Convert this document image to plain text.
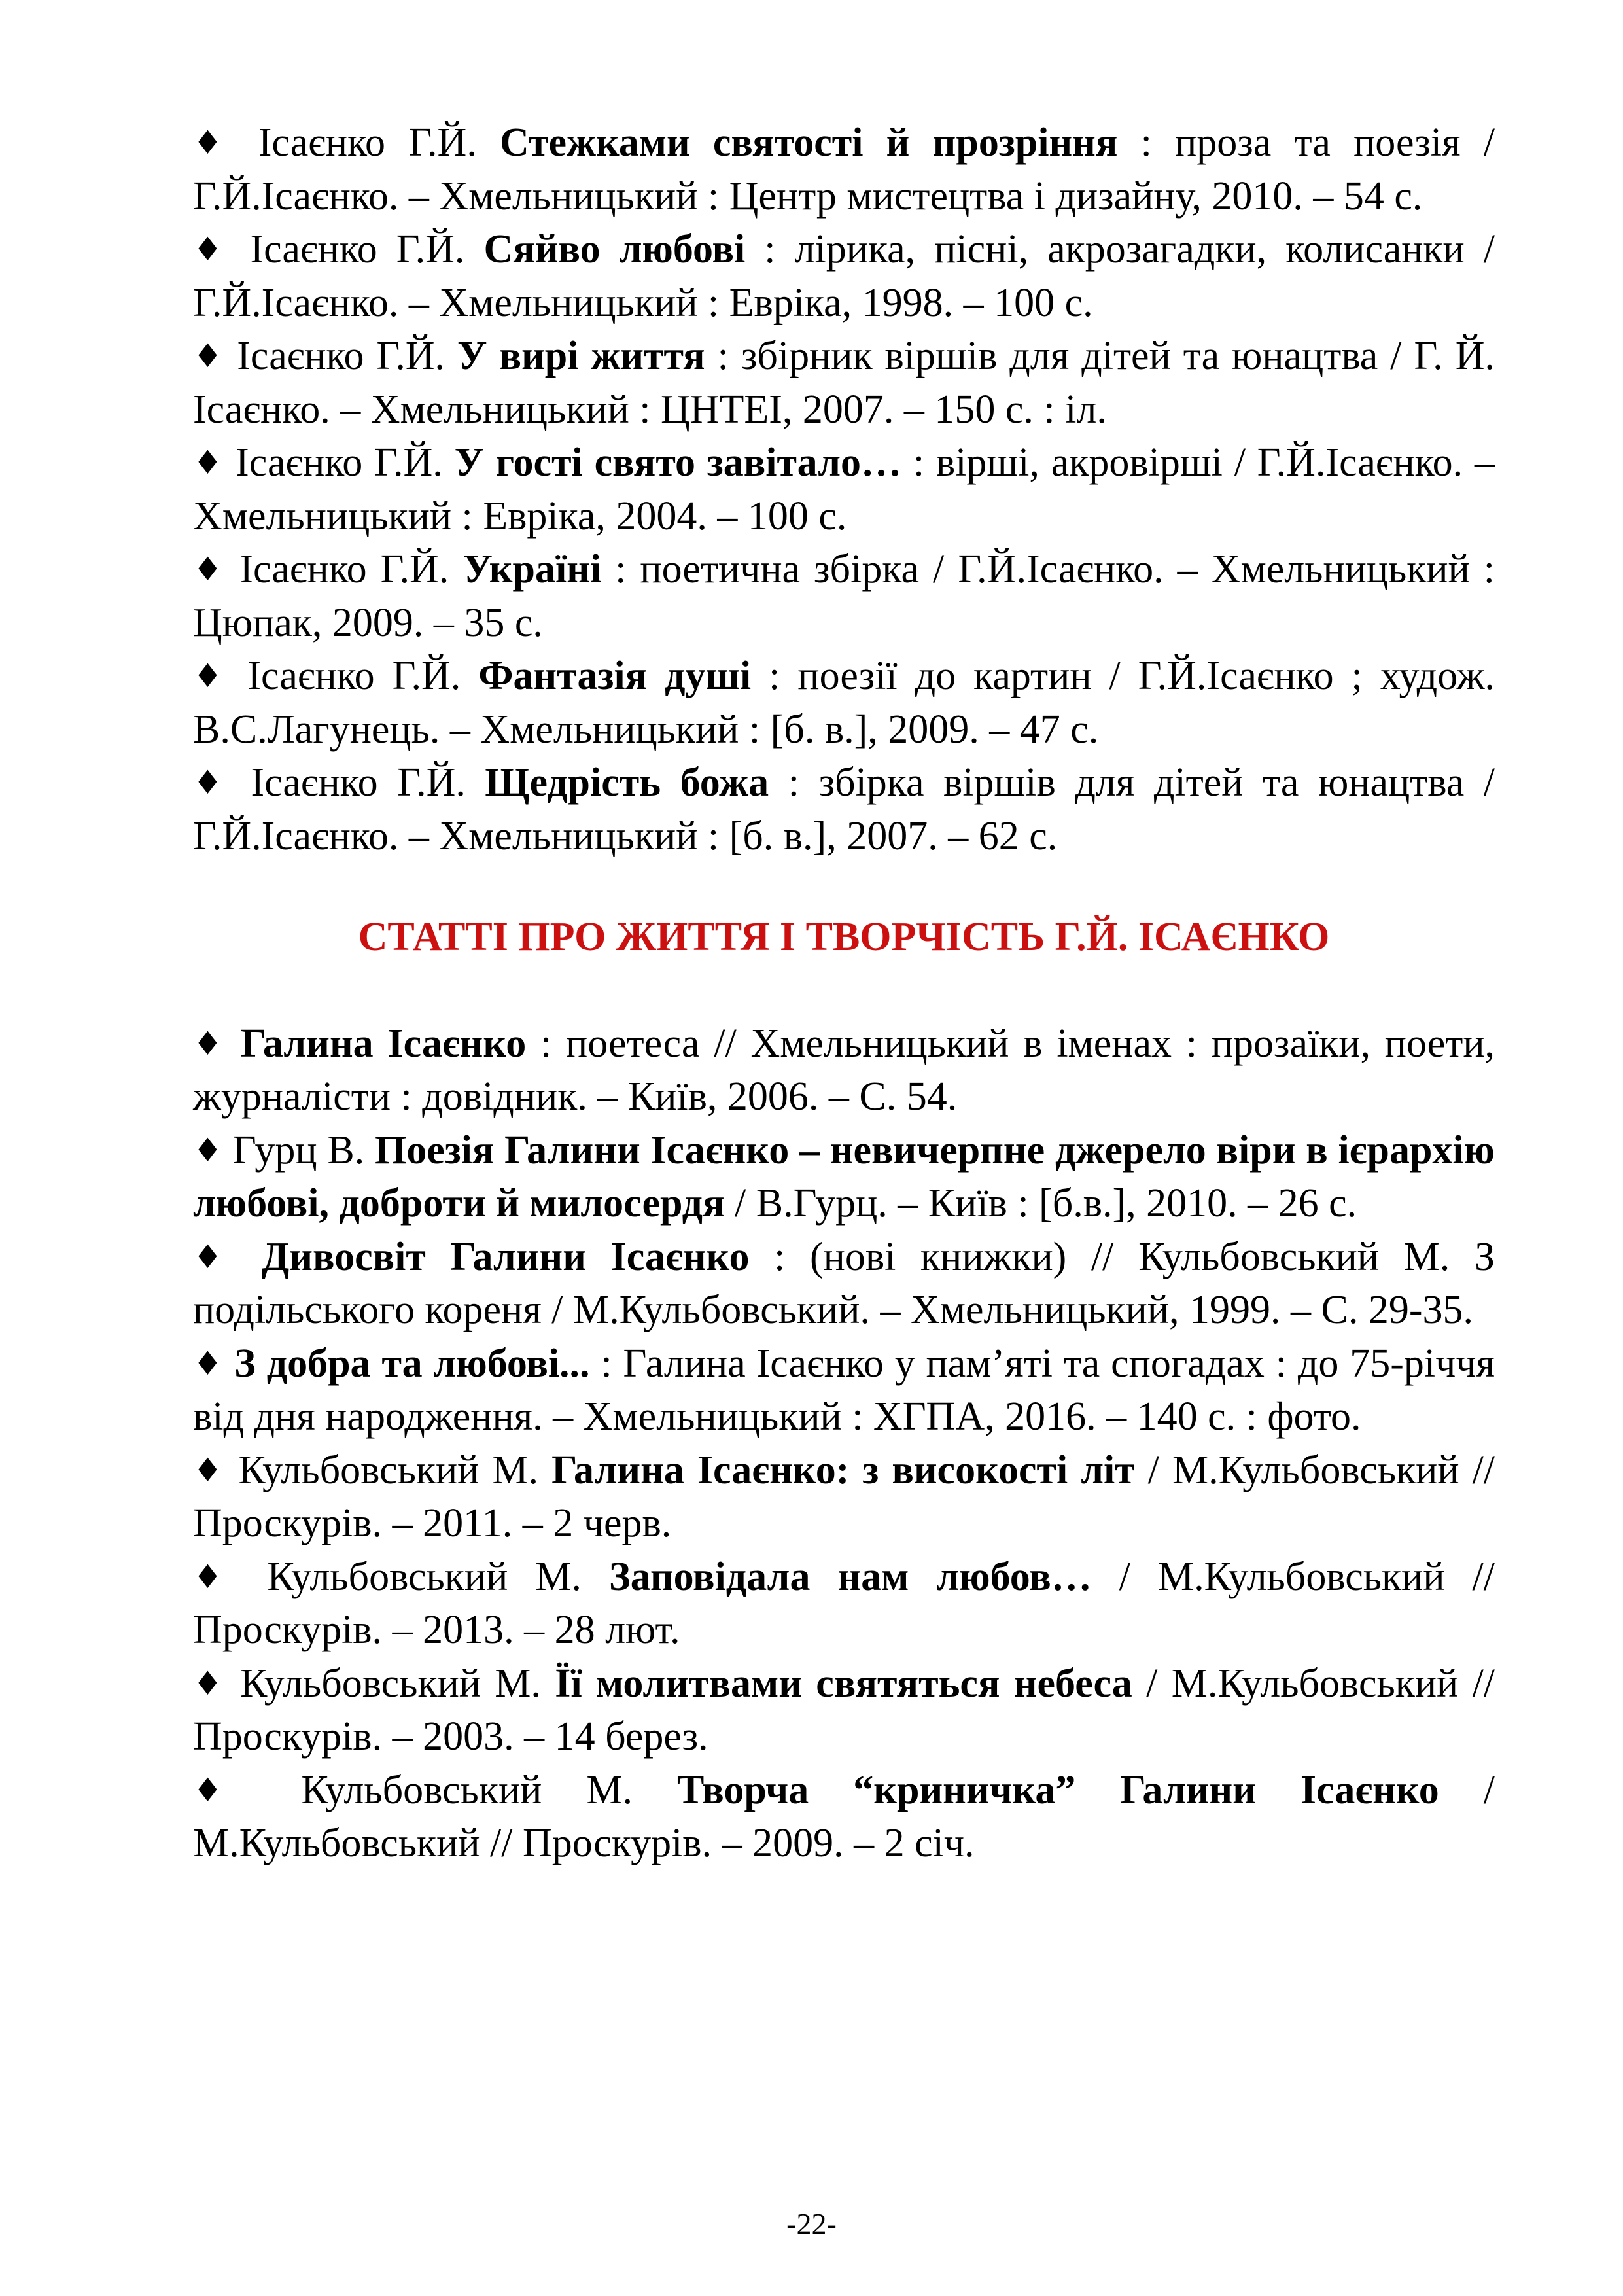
♦ Ісаєнко Г.Й. Стежками святості й прозріння : проза та поезія / Г.Й.Ісаєнко. – Хмельницький : Центр мистецтва і дизайну, 2010. – 54 с.

♦ Ісаєнко Г.Й. Сяйво любові : лірика, пісні, акрозагадки, колисанки / Г.Й.Ісаєнко. – Хмельницький : Евріка, 1998. – 100 с.

♦ Ісаєнко Г.Й. У вирі життя : збірник віршів для дітей та юнацтва / Г. Й. Ісаєнко. – Хмельницький : ЦНТЕІ, 2007. – 150 с. : іл.

♦ Ісаєнко Г.Й. У гості свято завітало… : вірші, акровірші / Г.Й.Ісаєнко. – Хмельницький : Евріка, 2004. – 100 с.

♦ Ісаєнко Г.Й. Україні : поетична збірка / Г.Й.Ісаєнко. – Хмельницький : Цюпак, 2009. – 35 с.

♦ Ісаєнко Г.Й. Фантазія душі : поезії до картин / Г.Й.Ісаєнко ; худож. В.С.Лагунець. – Хмельницький : [б. в.], 2009. – 47 с.

♦ Ісаєнко Г.Й. Щедрість божа : збірка віршів для дітей та юнацтва / Г.Й.Ісаєнко. – Хмельницький : [б. в.], 2007. – 62 с.

СТАТТІ ПРО ЖИТТЯ І ТВОРЧІСТЬ Г.Й. ІСАЄНКО

♦ Галина Ісаєнко : поетеса // Хмельницький в іменах : прозаїки, поети, журналісти : довідник. – Київ, 2006. – С. 54.

♦ Гурц В. Поезія Галини Ісаєнко – невичерпне джерело віри в ієрархію любові, доброти й милосердя / В.Гурц. – Київ : [б.в.], 2010. – 26 с.

♦ Дивосвіт Галини Ісаєнко : (нові книжки) // Кульбовський М. З подільського кореня / М.Кульбовський. – Хмельницький, 1999. – С. 29-35.

♦ З добра та любові... : Галина Ісаєнко у пам’яті та спогадах : до 75-річчя від дня народження. – Хмельницький : ХГПА, 2016. – 140 с. : фото.

♦ Кульбовський М. Галина Ісаєнко: з високості літ / М.Кульбовський // Проскурів. – 2011. – 2 черв.

♦ Кульбовський М. Заповідала нам любов… / М.Кульбовський // Проскурів. – 2013. – 28 лют.

♦ Кульбовський М. Її молитвами святяться небеса / М.Кульбовський // Проскурів. – 2003. – 14 берез.

♦ Кульбовський М. Творча “криничка” Галини Ісаєнко / М.Кульбовський // Проскурів. – 2009. – 2 січ.

-22-
